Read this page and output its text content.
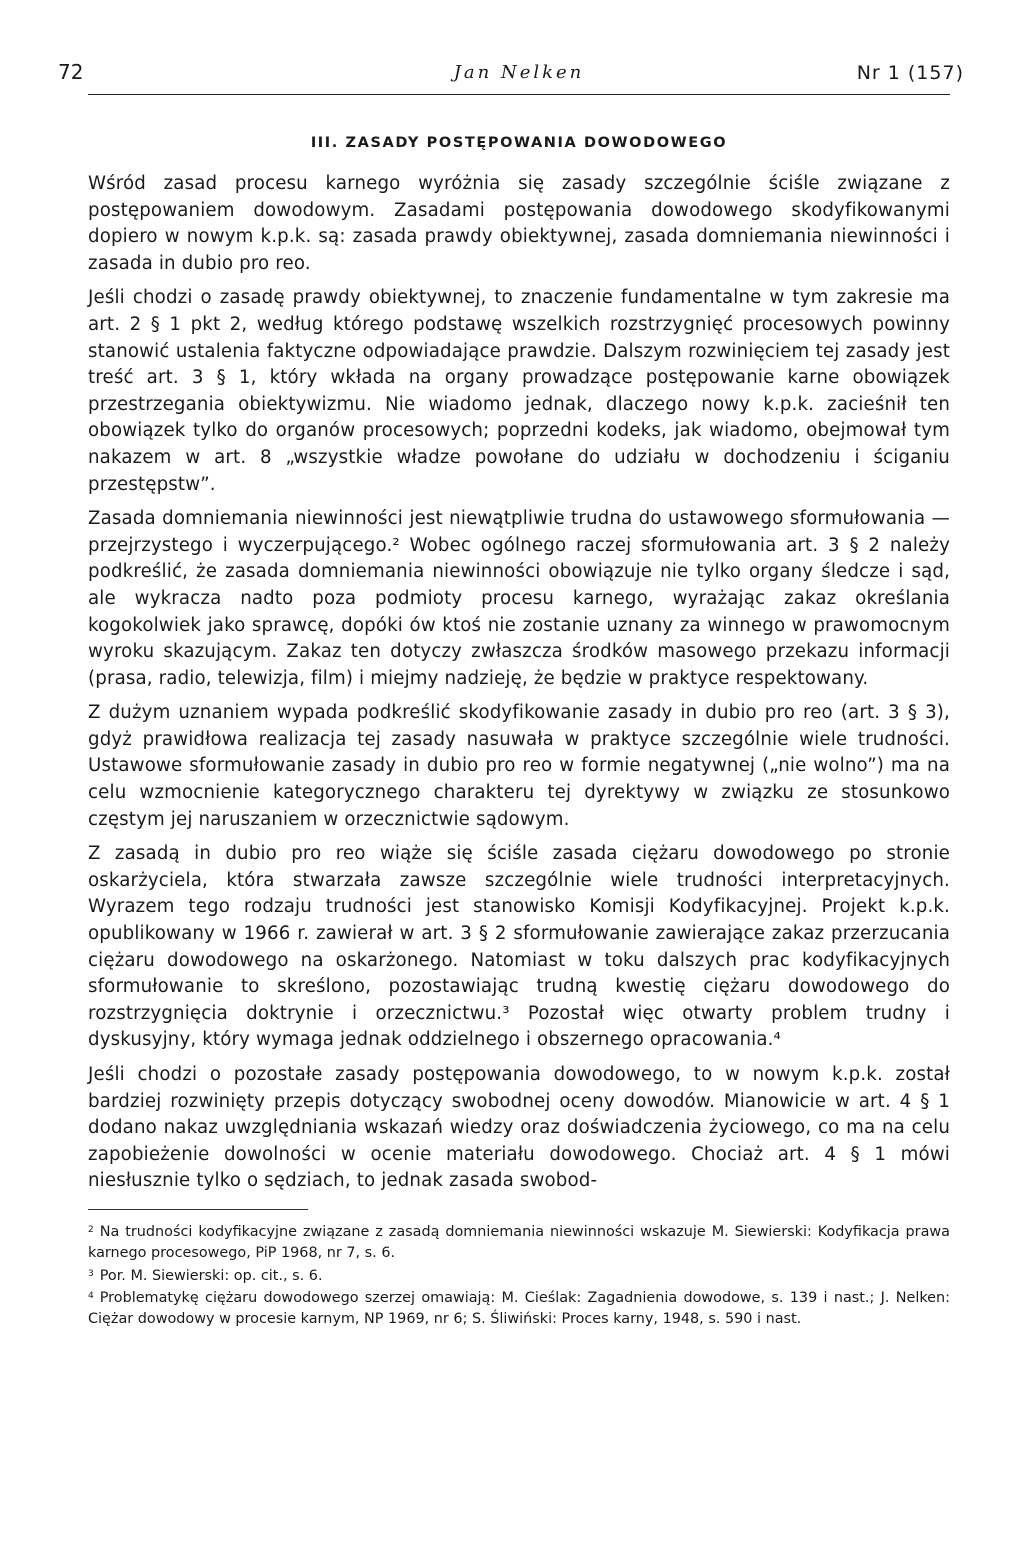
72	Jan Nelken	Nr 1 (157)
III. ZASADY POSTĘPOWANIA DOWODOWEGO

Wśród zasad procesu karnego wyróżnia się zasady szczególnie ściśle związane z postępowaniem dowodowym. Zasadami postępowania dowodowego skodyfikowanymi dopiero w nowym k.p.k. są: zasada prawdy obiektywnej, zasada domniemania niewinności i zasada in dubio pro reo.

Jeśli chodzi o zasadę prawdy obiektywnej, to znaczenie fundamentalne w tym zakresie ma art. 2 § 1 pkt 2, według którego podstawę wszelkich rozstrzygnięć procesowych powinny stanowić ustalenia faktyczne odpowiadające prawdzie. Dalszym rozwinięciem tej zasady jest treść art. 3 § 1, który wkłada na organy prowadzące postępowanie karne obowiązek przestrzegania obiektywizmu. Nie wiadomo jednak, dlaczego nowy k.p.k. zacieśnił ten obowiązek tylko do organów procesowych; poprzedni kodeks, jak wiadomo, obejmował tym nakazem w art. 8 „wszystkie władze powołane do udziału w dochodzeniu i ściganiu przestępstw”.

Zasada domniemania niewinności jest niewątpliwie trudna do ustawowego sformułowania — przejrzystego i wyczerpującego.² Wobec ogólnego raczej sformułowania art. 3 § 2 należy podkreślić, że zasada domniemania niewinności obowiązuje nie tylko organy śledcze i sąd, ale wykracza nadto poza podmioty procesu karnego, wyrażając zakaz określania kogokolwiek jako sprawcę, dopóki ów ktoś nie zostanie uznany za winnego w prawomocnym wyroku skazującym. Zakaz ten dotyczy zwłaszcza środków masowego przekazu informacji (prasa, radio, telewizja, film) i miejmy nadzieję, że będzie w praktyce respektowany.

Z dużym uznaniem wypada podkreślić skodyfikowanie zasady in dubio pro reo (art. 3 § 3), gdyż prawidłowa realizacja tej zasady nasuwała w praktyce szczególnie wiele trudności. Ustawowe sformułowanie zasady in dubio pro reo w formie negatywnej („nie wolno”) ma na celu wzmocnienie kategorycznego charakteru tej dyrektywy w związku ze stosunkowo częstym jej naruszaniem w orzecznictwie sądowym.

Z zasadą in dubio pro reo wiąże się ściśle zasada ciężaru dowodowego po stronie oskarżyciela, która stwarzała zawsze szczególnie wiele trudności interpretacyjnych. Wyrazem tego rodzaju trudności jest stanowisko Komisji Kodyfikacyjnej. Projekt k.p.k. opublikowany w 1966 r. zawierał w art. 3 § 2 sformułowanie zawierające zakaz przerzucania ciężaru dowodowego na oskarżonego. Natomiast w toku dalszych prac kodyfikacyjnych sformułowanie to skreślono, pozostawiając trudną kwestię ciężaru dowodowego do rozstrzygnięcia doktrynie i orzecznictwu.³ Pozostał więc otwarty problem trudny i dyskusyjny, który wymaga jednak oddzielnego i obszernego opracowania.⁴

Jeśli chodzi o pozostałe zasady postępowania dowodowego, to w nowym k.p.k. został bardziej rozwinięty przepis dotyczący swobodnej oceny dowodów. Mianowicie w art. 4 § 1 dodano nakaz uwzględniania wskazań wiedzy oraz doświadczenia życiowego, co ma na celu zapobieżenie dowolności w ocenie materiału dowodowego. Chociaż art. 4 § 1 mówi niesłusznie tylko o sędziach, to jednak zasada swobod-

$^2$ Na trudności kodyfikacyjne związane z zasadą domniemania niewinności wskazuje M. Siewierski: Kodyfikacja prawa karnego procesowego, PiP 1968, nr 7, s. 6.

$^3$ Por. M. Siewierski: op. cit., s. 6.

$^4$ Problematykę ciężaru dowodowego szerzej omawiają: M. Cieślak: Zagadnienia dowodowe, s. 139 i nast.; J. Nelken: Ciężar dowodowy w procesie karnym, NP 1969, nr 6; S. Śliwiński: Proces karny, 1948, s. 590 i nast.
